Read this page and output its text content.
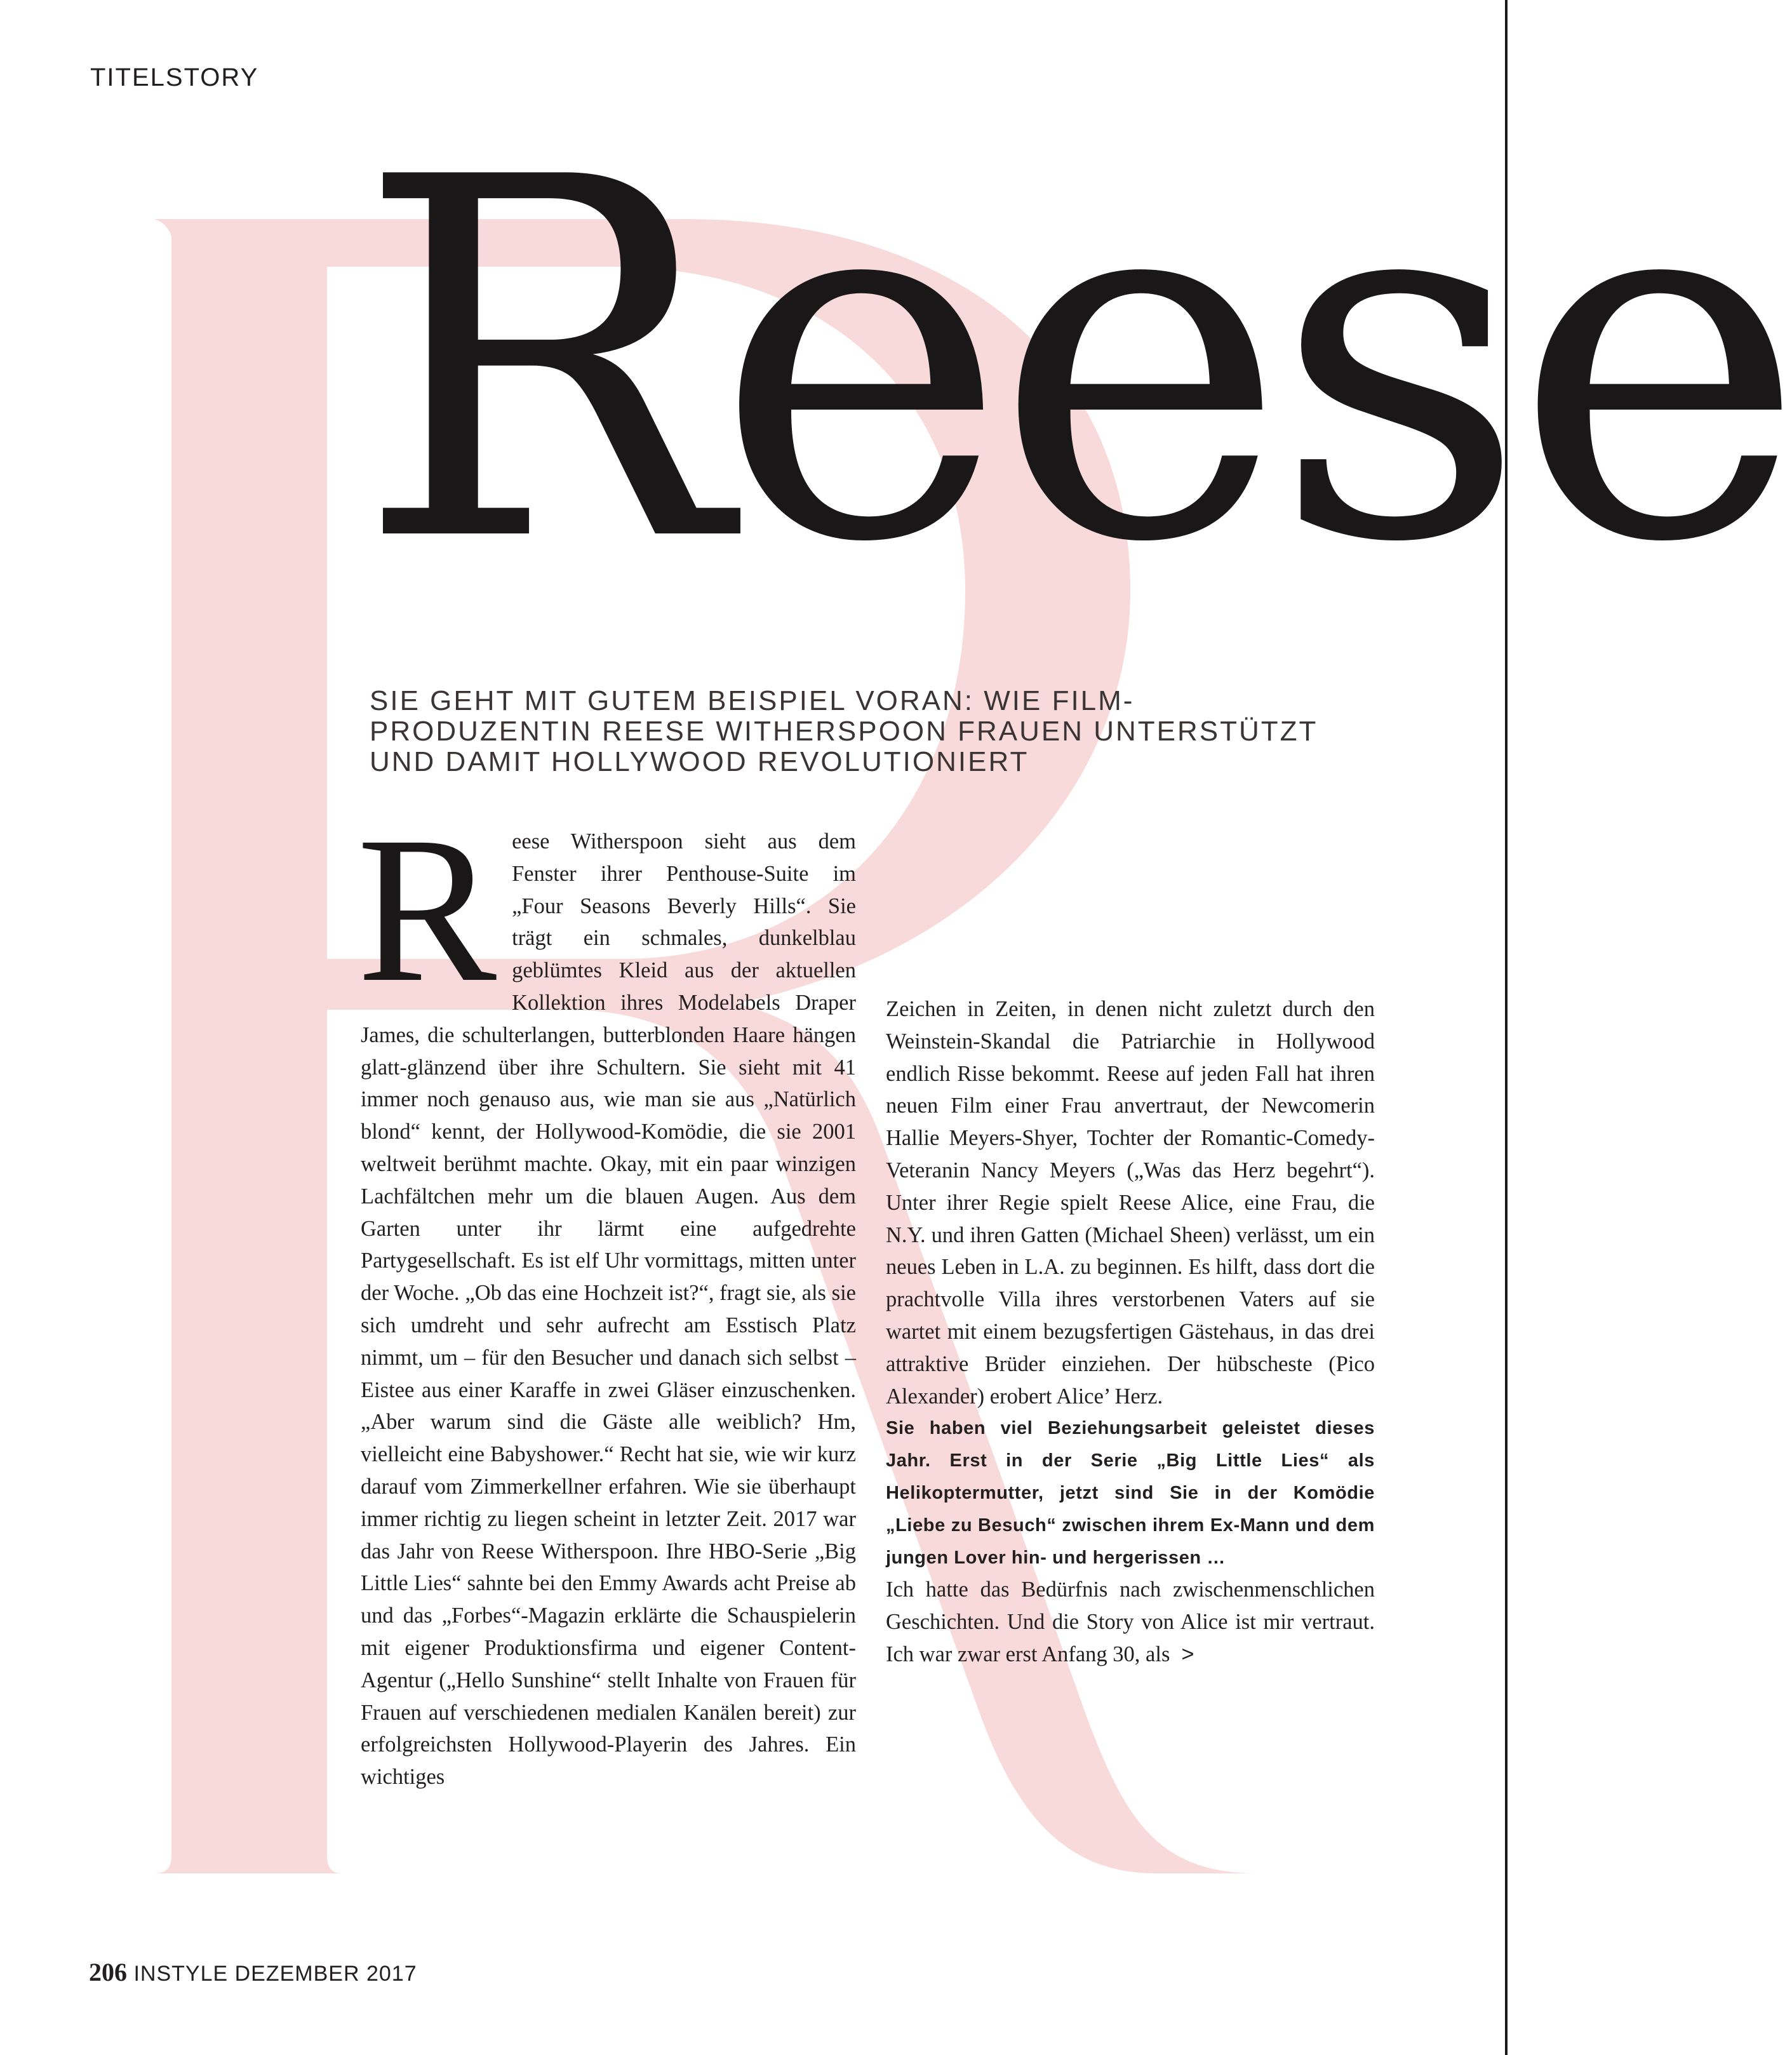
TITELSTORY Reese

SIE GEHT MIT GUTEM BEISPIEL VORAN: WIE FILM-
PRODUZENTIN REESE WITHERSPOON FRAUEN UNTERSTÜTZT
UND DAMIT HOLLYWOOD REVOLUTIONIERT

R eese Witherspoon sieht aus dem Fenster ihrer Penthouse-Suite im „Four Seasons Beverly Hills“. Sie trägt ein schmales, dunkelblau geblümtes Kleid aus der aktuellen Kollektion ihres Modelabels Draper James, die schulterlangen, butterblonden Haare hängen glatt-glänzend über ihre Schultern. Sie sieht mit 41 immer noch genauso aus, wie man sie aus „Natürlich blond“ kennt, der Hollywood-Komödie, die sie 2001 weltweit berühmt machte. Okay, mit ein paar winzigen Lachfältchen mehr um die blauen Augen. Aus dem Garten unter ihr lärmt eine aufgedrehte Partygesellschaft. Es ist elf Uhr vormittags, mitten unter der Woche. „Ob das eine Hochzeit ist?“, fragt sie, als sie sich umdreht und sehr aufrecht am Esstisch Platz nimmt, um – für den Besucher und danach sich selbst – Eistee aus einer Karaffe in zwei Gläser einzuschenken. „Aber warum sind die Gäste alle weiblich? Hm, vielleicht eine Babyshower.“ Recht hat sie, wie wir kurz darauf vom Zimmerkellner erfahren. Wie sie überhaupt immer richtig zu liegen scheint in letzter Zeit. 2017 war das Jahr von Reese Witherspoon. Ihre HBO-Serie „Big Little Lies“ sahnte bei den Emmy Awards acht Preise ab und das „Forbes“-Magazin erklärte die Schauspielerin mit eigener Produktionsfirma und eigener Content-Agentur („Hello Sunshine“ stellt Inhalte von Frauen für Frauen auf verschiedenen medialen Kanälen bereit) zur erfolgreichsten Hollywood-Playerin des Jahres. Ein wichtiges

Zeichen in Zeiten, in denen nicht zuletzt durch den Weinstein-Skandal die Patriarchie in Hollywood endlich Risse bekommt. Reese auf jeden Fall hat ihren neuen Film einer Frau anvertraut, der Newcomerin Hallie Meyers-Shyer, Tochter der Romantic-Comedy-Veteranin Nancy Meyers („Was das Herz begehrt“). Unter ihrer Regie spielt Reese Alice, eine Frau, die N.Y. und ihren Gatten (Michael Sheen) verlässt, um ein neues Leben in L.A. zu beginnen. Es hilft, dass dort die prachtvolle Villa ihres verstorbenen Vaters auf sie wartet mit einem bezugsfertigen Gästehaus, in das drei attraktive Brüder einziehen. Der hübscheste (Pico Alexander) erobert Alice’ Herz.

Sie haben viel Beziehungsarbeit geleistet dieses Jahr. Erst in der Serie „Big Little Lies“ als Helikoptermutter, jetzt sind Sie in der Komödie „Liebe zu Besuch“ zwischen ihrem Ex-Mann und dem jungen Lover hin- und hergerissen …

Ich hatte das Bedürfnis nach zwischenmenschlichen Geschichten. Und die Story von Alice ist mir vertraut. Ich war zwar erst Anfang 30, als >

206 INSTYLE DEZEMBER 2017
